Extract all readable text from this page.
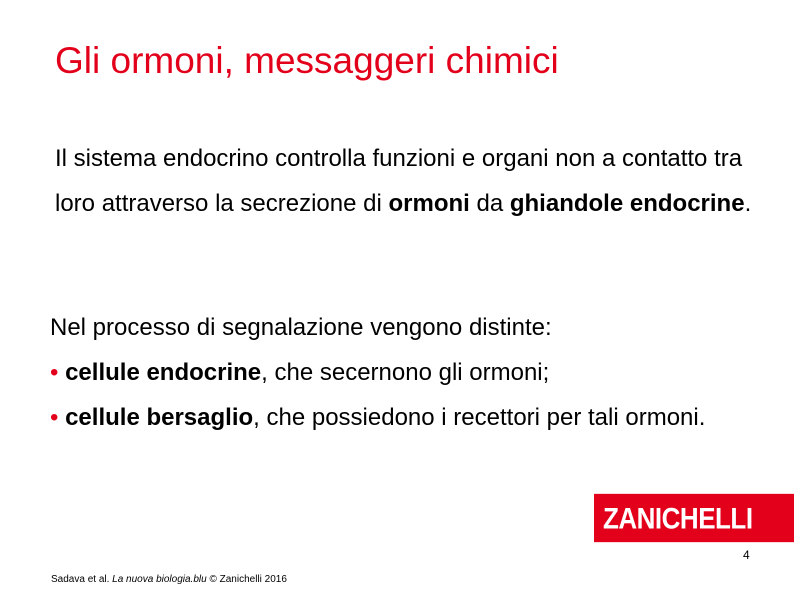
Gli ormoni, messaggeri chimici

Il sistema endocrino controlla funzioni e organi non a contatto tra loro attraverso la secrezione di ormoni da ghiandole endocrine.

Nel processo di segnalazione vengono distinte:
• cellule endocrine, che secernono gli ormoni;
• cellule bersaglio, che possiedono i recettori per tali ormoni.
ZANICHELLI
4
Sadava et al. La nuova biologia.blu © Zanichelli 2016
